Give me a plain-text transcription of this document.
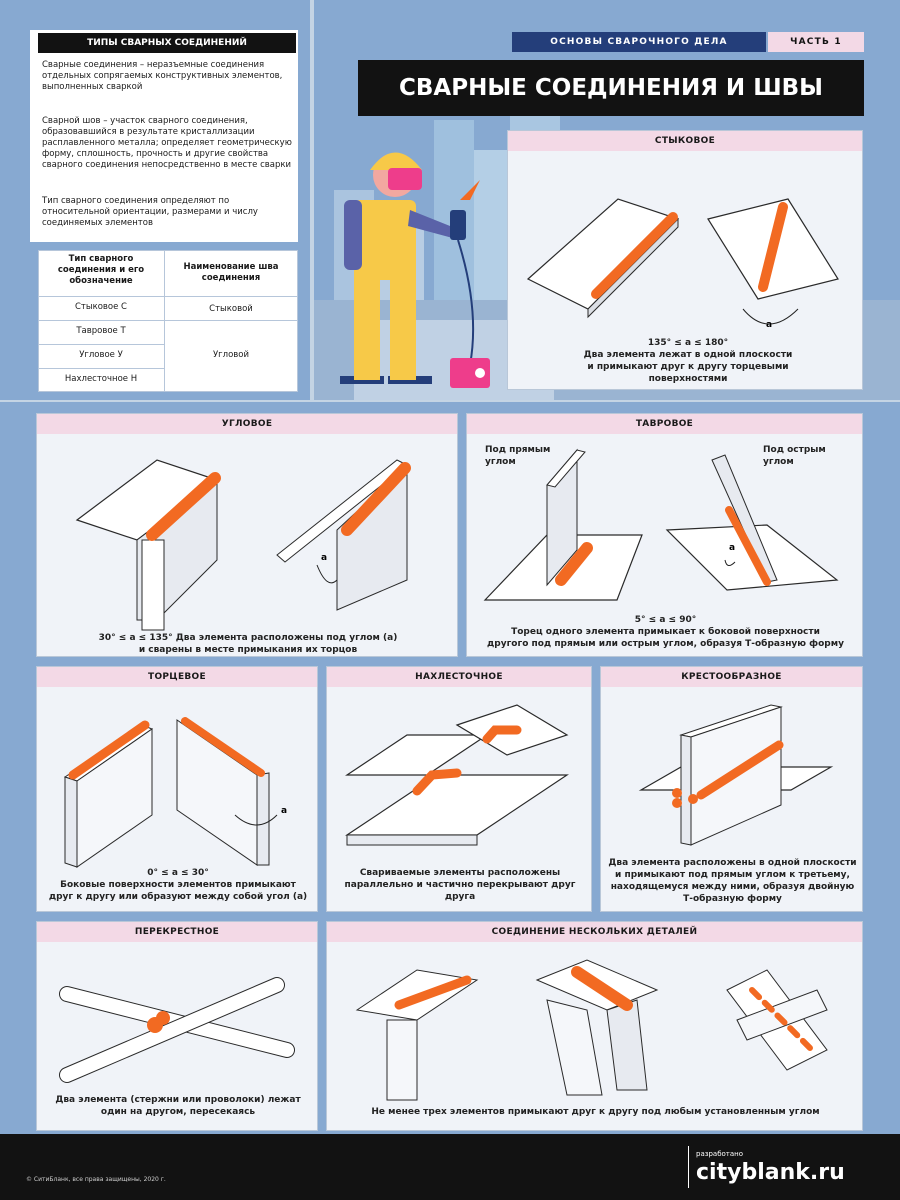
ТИПЫ СВАРНЫХ СОЕДИНЕНИЙ
Сварные соединения – неразъемные соединения отдельных сопрягаемых конструктивных элементов, выполненных сваркой
Сварной шов – участок сварного соединения, образовавшийся в результате кристаллизации расплавленного металла; определяет геометрическую форму, сплошность, прочность и другие свойства сварного соединения непосредственно в месте сварки
Тип сварного соединения определяют по относительной ориентации, размерами и числу соединяемых элементов
Тип сварного соединения и его обозначение
Наименование шва соединения
Стыковое С
Тавровое Т
Угловое У
Нахлесточное Н
Стыковой
Угловой
ОСНОВЫ СВАРОЧНОГО ДЕЛА	ЧАСТЬ 1
СВАРНЫЕ СОЕДИНЕНИЯ И ШВЫ
СТЫКОВОЕ
a
135° ≤ a ≤ 180°
Два элемента лежат в одной плоскости
и примыкают друг к другу торцевыми
поверхностями
УГЛОВОЕ
a
30° ≤ a ≤ 135° Два элемента расположены под углом (a)
и сварены в месте примыкания их торцов
ТАВРОВОЕ
Под прямым
углом
Под острым
углом
a
5° ≤ a ≤ 90°
Торец одного элемента примыкает к боковой поверхности
другого под прямым или острым углом, образуя Т-образную форму
ТОРЦЕВОЕ
a
0° ≤ a ≤ 30°
Боковые поверхности элементов примыкают
друг к другу или образуют между собой угол (a)
НАХЛЕСТОЧНОЕ
Свариваемые элементы расположены
параллельно и частично перекрывают друг
друга
КРЕСТООБРАЗНОЕ
Два элемента расположены в одной плоскости
и примыкают под прямым углом к третьему,
находящемуся между ними, образуя двойную
Т-образную форму
ПЕРЕКРЕСТНОЕ
Два элемента (стержни или проволоки) лежат
один на другом, пересекаясь
СОЕДИНЕНИЕ НЕСКОЛЬКИХ ДЕТАЛЕЙ
Не менее трех элементов примыкают друг к другу под любым установленным углом
© СитиБланк, все права защищены, 2020 г.
разработано
cityblank.ru
